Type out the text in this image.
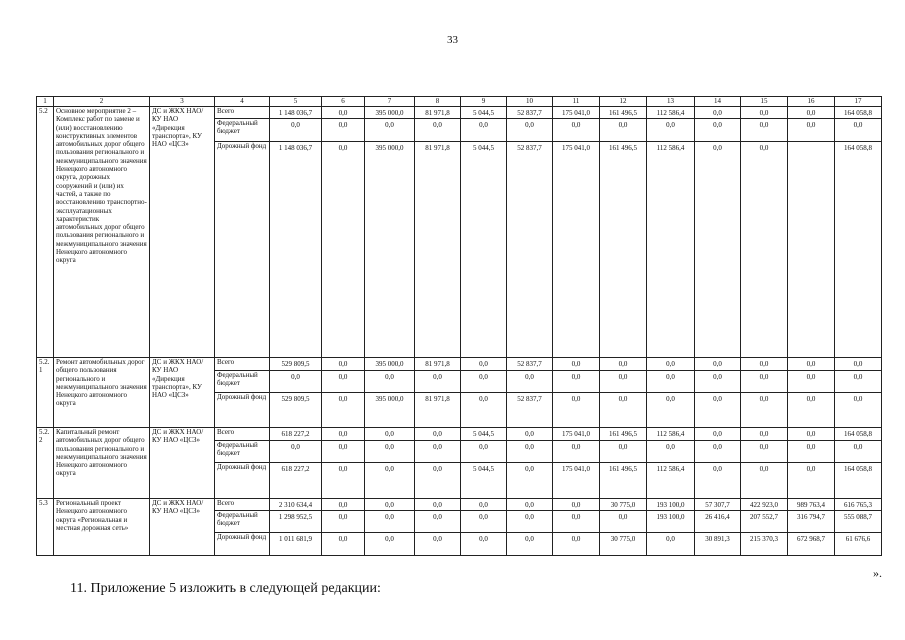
33
1	2	3	4	5	6	7	8	9	10	11	12	13	14	15	16	17
5.2	Основное мероприятие 2 – Комплекс работ по замене и (или) восстановлению конструктивных элементов автомобильных дорог общего пользования регионального и межмуниципального значения Ненецкого автономного округа, дорожных сооружений и (или) их частей, а также по восстановлению транспортно-эксплуатационных характеристик автомобильных дорог общего пользования регионального и межмуниципального значения Ненецкого автономного округа	ДС и ЖКХ НАО/ КУ НАО «Дирекция транспорта», КУ НАО «ЦСЗ»	Всего	1 148 036,7	0,0	395 000,0	81 971,8	5 044,5	52 837,7	175 041,0	161 496,5	112 586,4	0,0	0,0	0,0	164 058,8
			Федеральный бюджет	0,0	0,0	0,0	0,0	0,0	0,0	0,0	0,0	0,0	0,0	0,0	0,0	0,0
			Дорожный фонд	1 148 036,7	0,0	395 000,0	81 971,8	5 044,5	52 837,7	175 041,0	161 496,5	112 586,4	0,0	0,0		164 058,8
5.2.1	Ремонт автомобильных дорог общего пользования регионального и межмуниципального значения Ненецкого автономного округа	ДС и ЖКХ НАО/ КУ НАО «Дирекция транспорта», КУ НАО «ЦСЗ»	Всего	529 809,5	0,0	395 000,0	81 971,8	0,0	52 837,7	0,0	0,0	0,0	0,0	0,0	0,0	0,0
			Федеральный бюджет	0,0	0,0	0,0	0,0	0,0	0,0	0,0	0,0	0,0	0,0	0,0	0,0	0,0
			Дорожный фонд	529 809,5	0,0	395 000,0	81 971,8	0,0	52 837,7	0,0	0,0	0,0	0,0	0,0	0,0	0,0
5.2.2	Капитальный ремонт автомобильных дорог общего пользования регионального и межмуниципального значения Ненецкого автономного округа	ДС и ЖКХ НАО/ КУ НАО «ЦСЗ»	Всего	618 227,2	0,0	0,0	0,0	5 044,5	0,0	175 041,0	161 496,5	112 586,4	0,0	0,0	0,0	164 058,8
			Федеральный бюджет	0,0	0,0	0,0	0,0	0,0	0,0	0,0	0,0	0,0	0,0	0,0	0,0	0,0
			Дорожный фонд	618 227,2	0,0	0,0	0,0	5 044,5	0,0	175 041,0	161 496,5	112 586,4	0,0	0,0	0,0	164 058,8
5.3	Региональный проект Ненецкого автономного округа «Региональная и местная дорожная сеть»	ДС и ЖКХ НАО/ КУ НАО «ЦСЗ»	Всего	2 310 634,4	0,0	0,0	0,0	0,0	0,0	0,0	30 775,0	193 100,0	57 307,7	422 923,0	989 763,4	616 765,3
			Федеральный бюджет	1 298 952,5	0,0	0,0	0,0	0,0	0,0	0,0	0,0	193 100,0	26 416,4	207 552,7	316 794,7	555 088,7
			Дорожный фонд	1 011 681,9	0,0	0,0	0,0	0,0	0,0	0,0	30 775,0	0,0	30 891,3	215 370,3	672 968,7	61 676,6
».
11. Приложение 5 изложить в следующей редакции:
